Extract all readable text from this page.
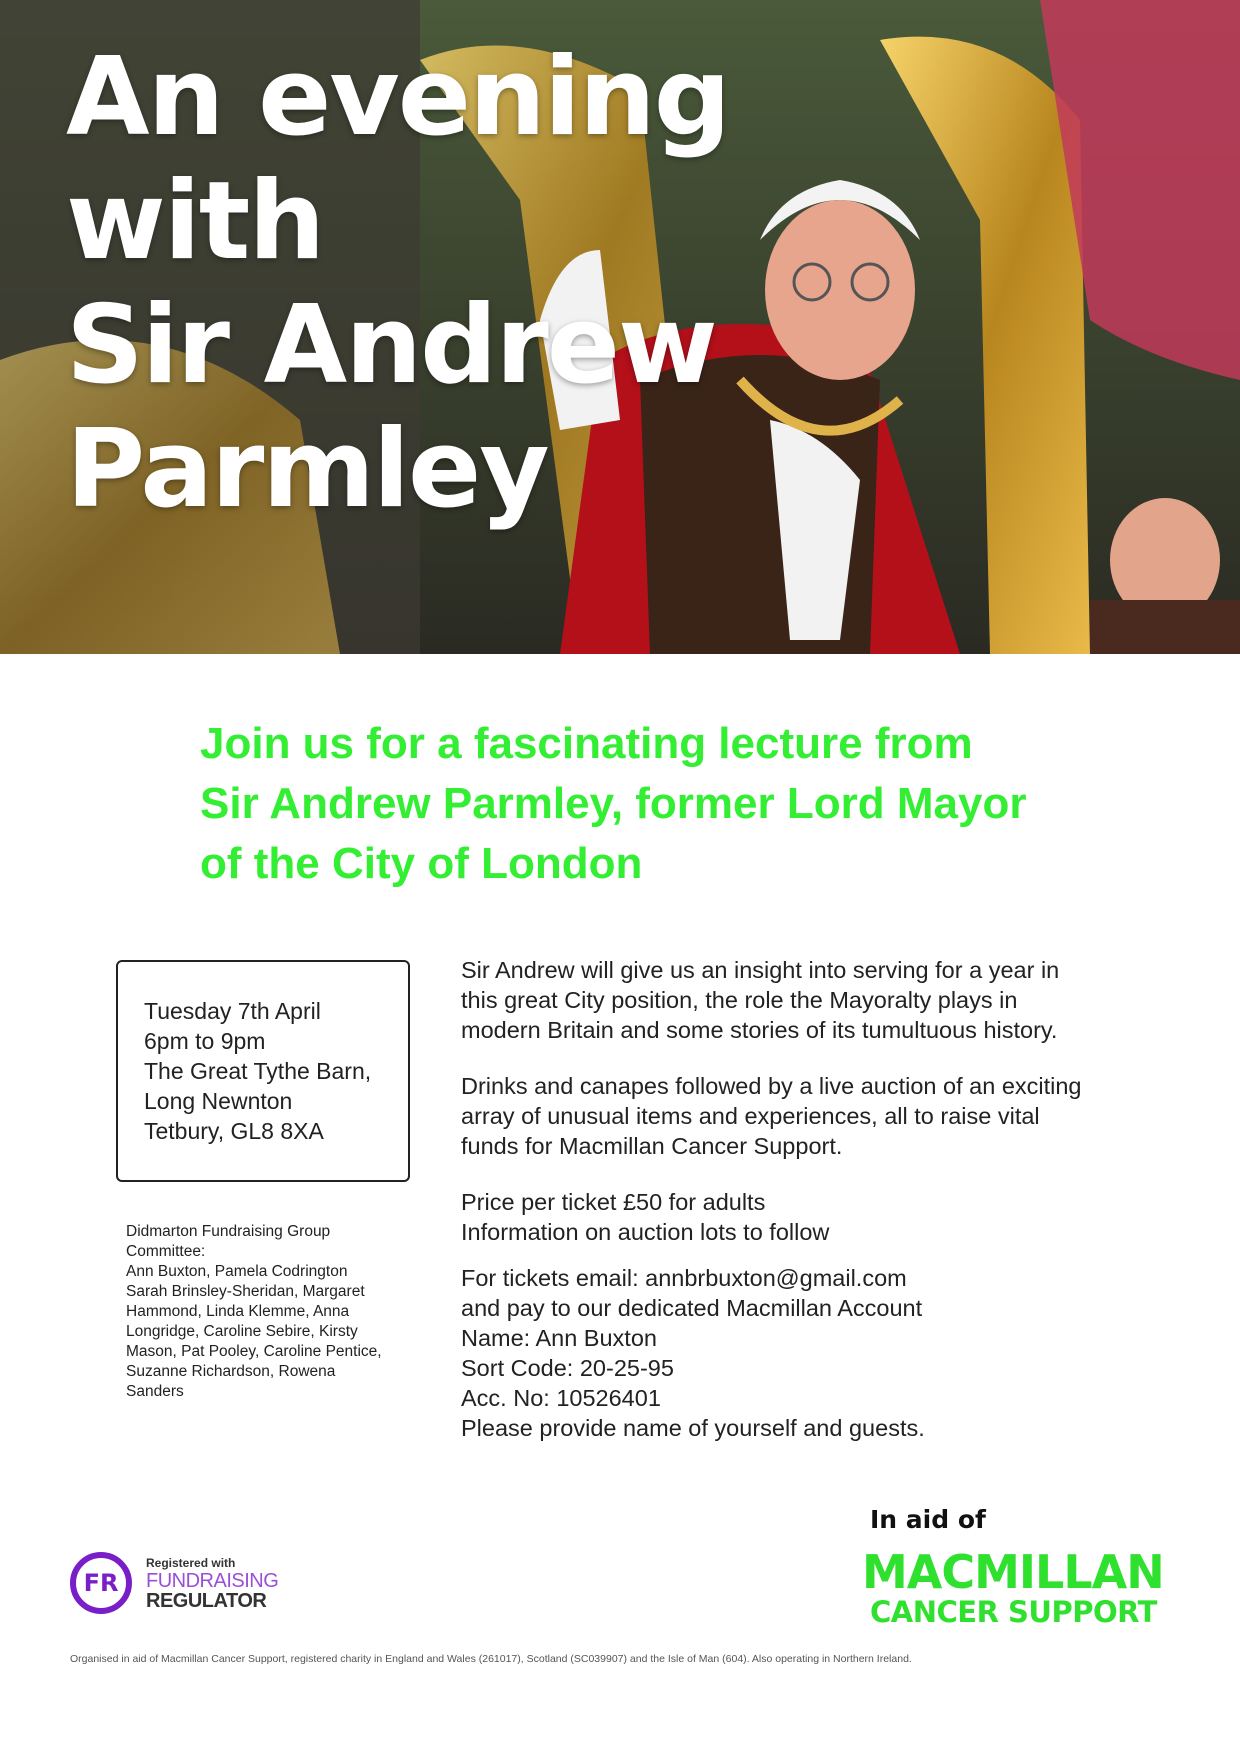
An evening with
Sir Andrew
Parmley
Join us for a fascinating lecture from
Sir Andrew Parmley, former Lord Mayor
of the City of London
Tuesday 7th April
6pm to 9pm
The Great Tythe Barn,
Long Newnton
Tetbury, GL8 8XA
Didmarton Fundraising Group
Committee:
Ann Buxton, Pamela Codrington
Sarah Brinsley-Sheridan, Margaret
Hammond, Linda Klemme, Anna
Longridge, Caroline Sebire, Kirsty
Mason, Pat Pooley, Caroline Pentice,
Suzanne Richardson, Rowena
Sanders

Sir Andrew will give us an insight into serving for a year in
this great City position, the role the Mayoralty plays in
modern Britain and some stories of its tumultuous history.

Drinks and canapes followed by a live auction of an exciting
array of unusual items and experiences, all to raise vital
funds for Macmillan Cancer Support.

Price per ticket £50 for adults
Information on auction lots to follow

For tickets email: annbrbuxton@gmail.com
and pay to our dedicated Macmillan Account
Name: Ann Buxton
Sort Code: 20-25-95
Acc. No: 10526401
Please provide name of yourself and guests.

FR
Registered with
FUNDRAISING
REGULATOR
In aid of
MACMILLAN
CANCER SUPPORT
Organised in aid of Macmillan Cancer Support, registered charity in England and Wales (261017), Scotland (SC039907) and the Isle of Man (604). Also operating in Northern Ireland.
